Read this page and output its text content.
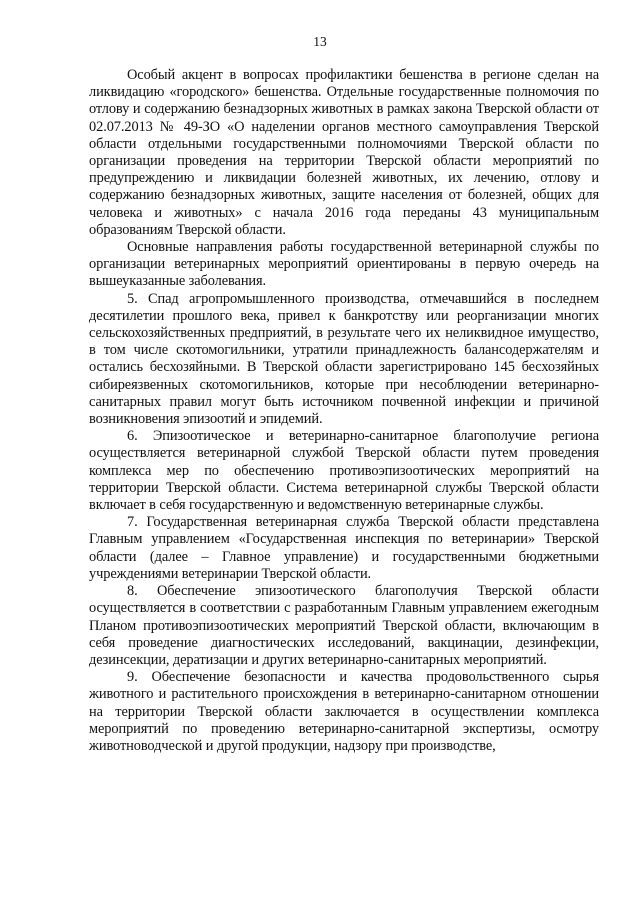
13

Особый акцент в вопросах профилактики бешенства в регионе сделан на ликвидацию «городского» бешенства. Отдельные государственные полномочия по отлову и содержанию безнадзорных животных в рамках закона Тверской области от 02.07.2013 № 49-ЗО «О наделении органов местного самоуправления Тверской области отдельными государственными полномочиями Тверской области по организации проведения на территории Тверской области мероприятий по предупреждению и ликвидации болезней животных, их лечению, отлову и содержанию безнадзорных животных, защите населения от болезней, общих для человека и животных» с начала 2016 года переданы 43 муниципальным образованиям Тверской области.

Основные направления работы государственной ветеринарной службы по организации ветеринарных мероприятий ориентированы в первую очередь на вышеуказанные заболевания.

5. Спад агропромышленного производства, отмечавшийся в последнем десятилетии прошлого века, привел к банкротству или реорганизации многих сельскохозяйственных предприятий, в результате чего их неликвидное имущество, в том числе скотомогильники, утратили принадлежность балансодержателям и остались бесхозяйными. В Тверской области зарегистрировано 145 бесхозяйных сибиреязвенных скотомогильников, которые при несоблюдении ветеринарно-санитарных правил могут быть источником почвенной инфекции и причиной возникновения эпизоотий и эпидемий.

6. Эпизоотическое и ветеринарно-санитарное благополучие региона осуществляется ветеринарной службой Тверской области путем проведения комплекса мер по обеспечению противоэпизоотических мероприятий на территории Тверской области. Система ветеринарной службы Тверской области включает в себя государственную и ведомственную ветеринарные службы.

7. Государственная ветеринарная служба Тверской области представлена Главным управлением «Государственная инспекция по ветеринарии» Тверской области (далее – Главное управление) и государственными бюджетными учреждениями ветеринарии Тверской области.

8. Обеспечение эпизоотического благополучия Тверской области осуществляется в соответствии с разработанным Главным управлением ежегодным Планом противоэпизоотических мероприятий Тверской области, включающим в себя проведение диагностических исследований, вакцинации, дезинфекции, дезинсекции, дератизации и других ветеринарно-санитарных мероприятий.

9. Обеспечение безопасности и качества продовольственного сырья животного и растительного происхождения в ветеринарно-санитарном отношении на территории Тверской области заключается в осуществлении комплекса мероприятий по проведению ветеринарно-санитарной экспертизы, осмотру животноводческой и другой продукции, надзору при производстве,
